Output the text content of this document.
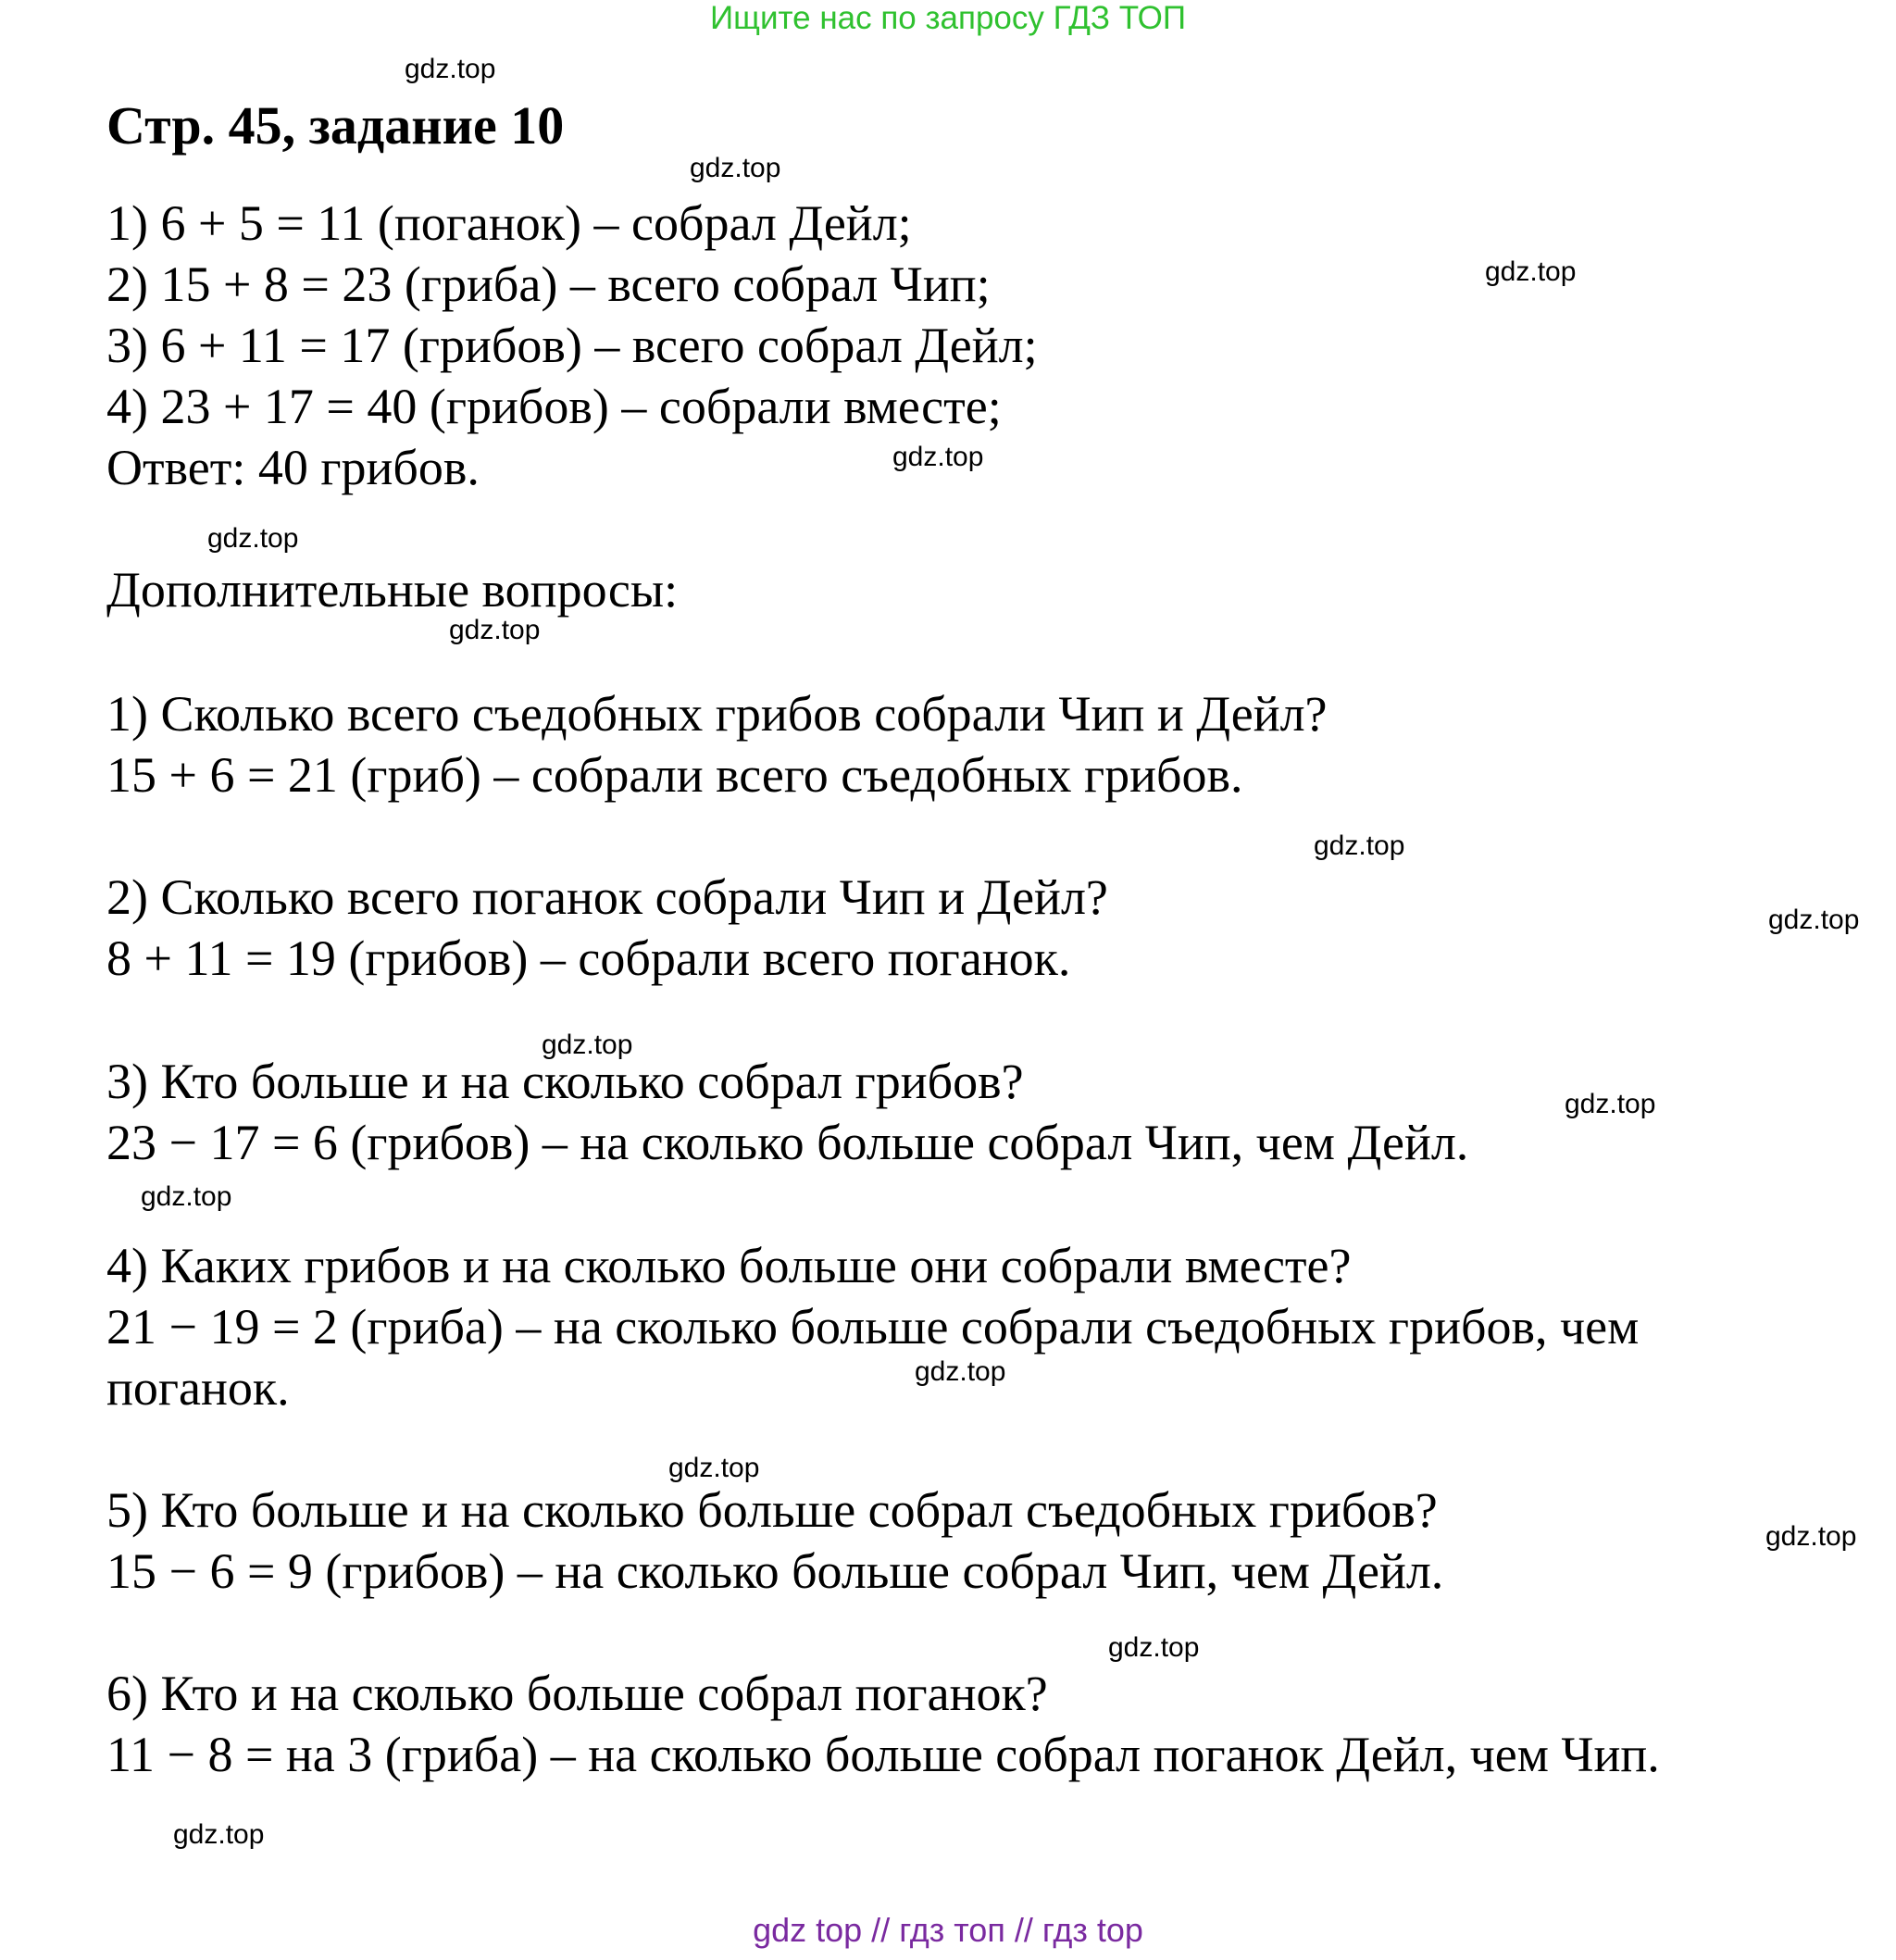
Ищите нас по запросу ГДЗ ТОП
Стр. 45, задание 10
1) 6 + 5 = 11 (поганок) – собрал Дейл;
2) 15 + 8 = 23 (гриба) – всего собрал Чип;
3) 6 + 11 = 17 (грибов) – всего собрал Дейл;
4) 23 + 17 = 40 (грибов) – собрали вместе;
Ответ: 40 грибов.
Дополнительные вопросы:
1) Сколько всего съедобных грибов собрали Чип и Дейл?
15 + 6 = 21 (гриб) – собрали всего съедобных грибов.
2) Сколько всего поганок собрали Чип и Дейл?
8 + 11 = 19 (грибов) – собрали всего поганок.
3) Кто больше и на сколько собрал грибов?
23 − 17 = 6 (грибов) – на сколько больше собрал Чип, чем Дейл.
4) Каких грибов и на сколько больше они собрали вместе?
21 − 19 = 2 (гриба) – на сколько больше собрали съедобных грибов, чем
поганок.
5) Кто больше и на сколько больше собрал съедобных грибов?
15 − 6 = 9 (грибов) – на сколько больше собрал Чип, чем Дейл.
6) Кто и на сколько больше собрал поганок?
11 − 8 = на 3 (гриба) – на сколько больше собрал поганок Дейл, чем Чип.
gdz.top
gdz.top
gdz.top
gdz.top
gdz.top
gdz.top
gdz.top
gdz.top
gdz.top
gdz.top
gdz.top
gdz.top
gdz.top
gdz.top
gdz.top
gdz.top
gdz top // гдз топ // гдз top
